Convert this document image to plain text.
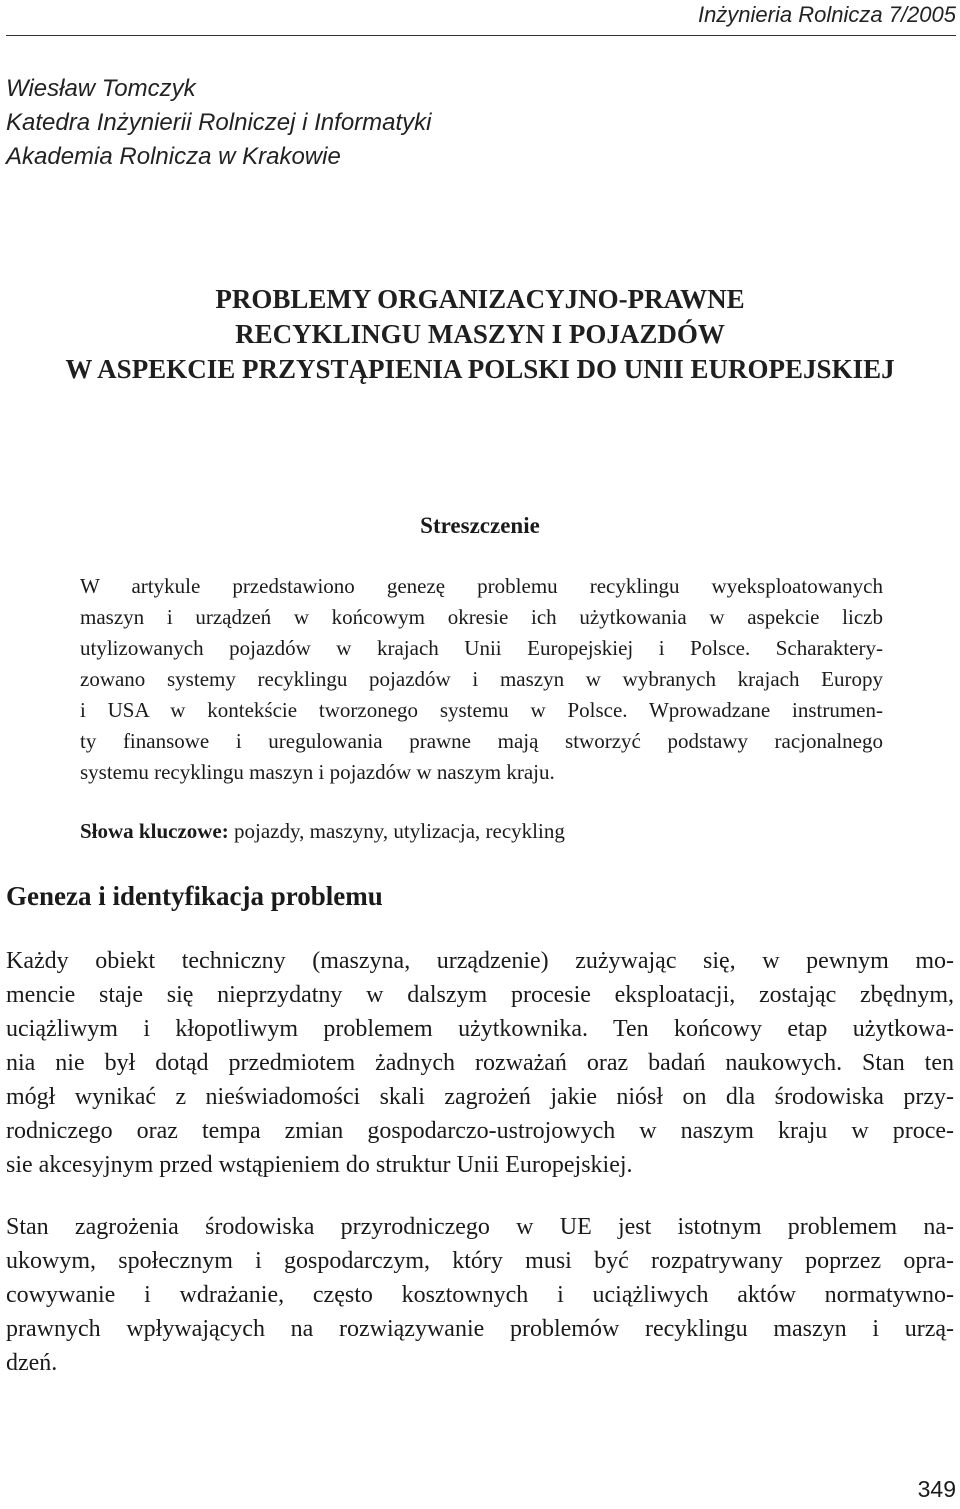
Inżynieria Rolnicza 7/2005
Wiesław Tomczyk
Katedra Inżynierii Rolniczej i Informatyki
Akademia Rolnicza w Krakowie
PROBLEMY ORGANIZACYJNO-PRAWNE
RECYKLINGU MASZYN I POJAZDÓW
W ASPEKCIE PRZYSTĄPIENIA POLSKI DO UNII EUROPEJSKIEJ
Streszczenie
W artykule przedstawiono genezę problemu recyklingu wyeksploatowanych
maszyn i urządzeń w końcowym okresie ich użytkowania w aspekcie liczb
utylizowanych pojazdów w krajach Unii Europejskiej i Polsce. Scharaktery-
zowano systemy recyklingu pojazdów i maszyn w wybranych krajach Europy
i USA w kontekście tworzonego systemu w Polsce. Wprowadzane instrumen-
ty finansowe i uregulowania prawne mają stworzyć podstawy racjonalnego
systemu recyklingu maszyn i pojazdów w naszym kraju.
Słowa kluczowe: pojazdy, maszyny, utylizacja, recykling
Geneza i identyfikacja problemu
Każdy obiekt techniczny (maszyna, urządzenie) zużywając się, w pewnym mo-
mencie staje się nieprzydatny w dalszym procesie eksploatacji, zostając zbędnym,
uciążliwym i kłopotliwym problemem użytkownika. Ten końcowy etap użytkowa-
nia nie był dotąd przedmiotem żadnych rozważań oraz badań naukowych. Stan ten
mógł wynikać z nieświadomości skali zagrożeń jakie niósł on dla środowiska przy-
rodniczego oraz tempa zmian gospodarczo-ustrojowych w naszym kraju w proce-
sie akcesyjnym przed wstąpieniem do struktur Unii Europejskiej.
Stan zagrożenia środowiska przyrodniczego w UE jest istotnym problemem na-
ukowym, społecznym i gospodarczym, który musi być rozpatrywany poprzez opra-
cowywanie i wdrażanie, często kosztownych i uciążliwych aktów normatywno-
prawnych wpływających na rozwiązywanie problemów recyklingu maszyn i urzą-
dzeń.
349
